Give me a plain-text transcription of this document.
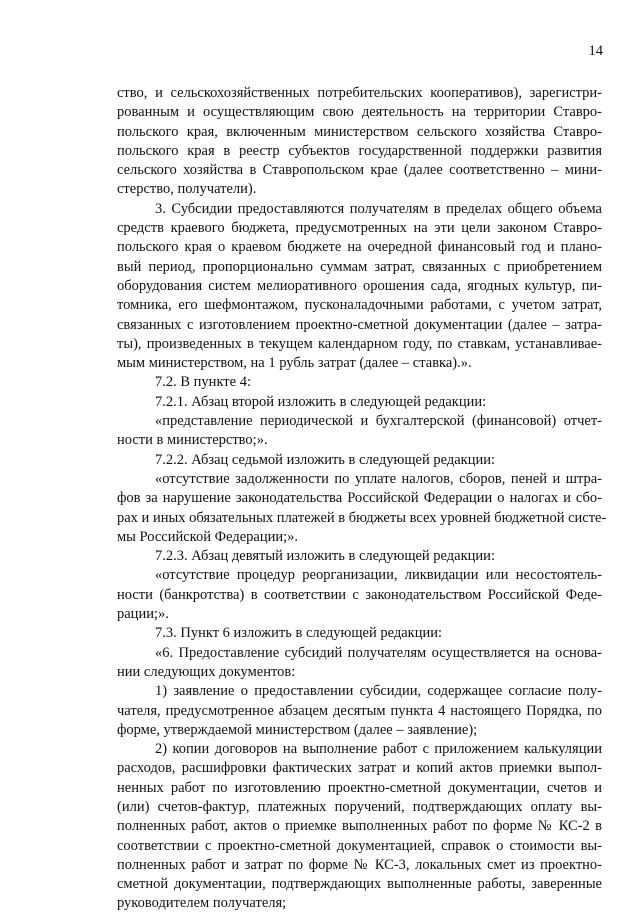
14
ство, и сельскохозяйственных потребительских кооперативов), зарегистри-
рованным и осуществляющим свою деятельность на территории Ставро-
польского края, включенным министерством сельского хозяйства Ставро-
польского края в реестр субъектов государственной поддержки развития
сельского хозяйства в Ставропольском крае (далее соответственно – мини-
стерство, получатели).
3. Субсидии предоставляются получателям в пределах общего объема
средств краевого бюджета, предусмотренных на эти цели законом Ставро-
польского края о краевом бюджете на очередной финансовый год и плано-
вый период, пропорционально суммам затрат, связанных с приобретением
оборудования систем мелиоративного орошения сада, ягодных культур, пи-
томника, его шефмонтажом, пусконаладочными работами, с учетом затрат,
связанных с изготовлением проектно-сметной документации (далее – затра-
ты), произведенных в текущем календарном году, по ставкам, устанавливае-
мым министерством, на 1 рубль затрат (далее – ставка).».
7.2. В пункте 4:
7.2.1. Абзац второй изложить в следующей редакции:
«представление периодической и бухгалтерской (финансовой) отчет-
ности в министерство;».
7.2.2. Абзац седьмой изложить в следующей редакции:
«отсутствие задолженности по уплате налогов, сборов, пеней и штра-
фов за нарушение законодательства Российской Федерации о налогах и сбо-
рах и иных обязательных платежей в бюджеты всех уровней бюджетной систе-
мы Российской Федерации;».
7.2.3. Абзац девятый изложить в следующей редакции:
«отсутствие процедур реорганизации, ликвидации или несостоятель-
ности (банкротства) в соответствии с законодательством Российской Феде-
рации;».
7.3. Пункт 6 изложить в следующей редакции:
«6. Предоставление субсидий получателям осуществляется на основа-
нии следующих документов:
1) заявление о предоставлении субсидии, содержащее согласие полу-
чателя, предусмотренное абзацем десятым пункта 4 настоящего Порядка, по
форме, утверждаемой министерством (далее – заявление);
2) копии договоров на выполнение работ с приложением калькуляции
расходов, расшифровки фактических затрат и копий актов приемки выпол-
ненных работ по изготовлению проектно-сметной документации, счетов и
(или) счетов-фактур, платежных поручений, подтверждающих оплату вы-
полненных работ, актов о приемке выполненных работ по форме № КС-2 в
соответствии с проектно-сметной документацией, справок о стоимости вы-
полненных работ и затрат по форме № КС-3, локальных смет из проектно-
сметной документации, подтверждающих выполненные работы, заверенные
руководителем получателя;
